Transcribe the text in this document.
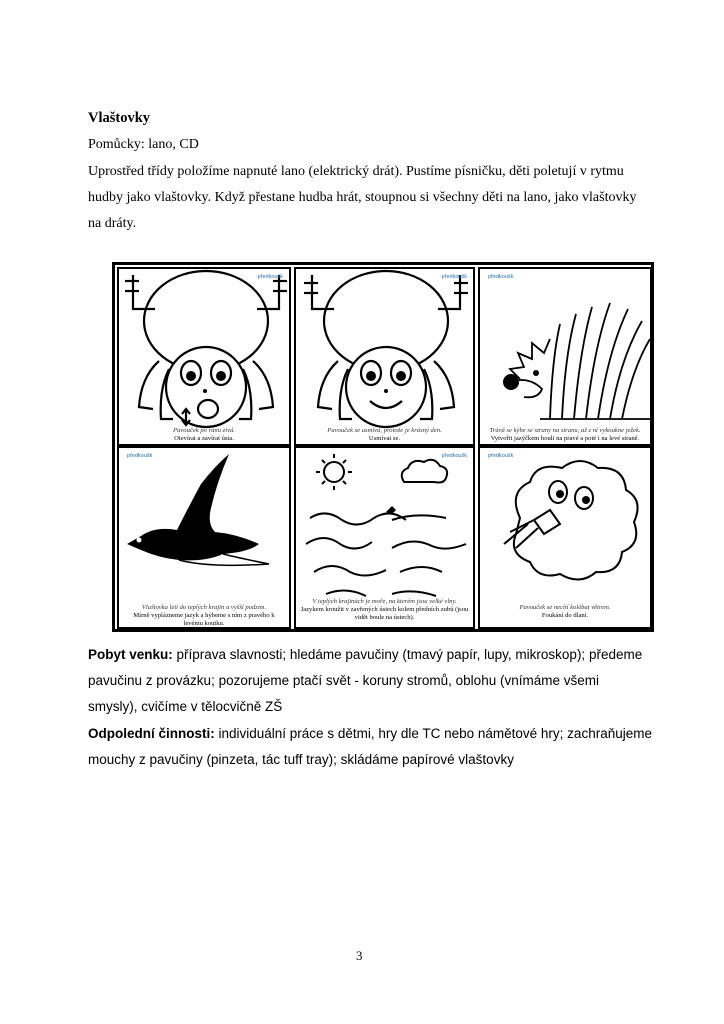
Vlaštovky
Pomůcky: lano, CD
Uprostřed třídy položíme napnuté lano (elektrický drát). Pustíme písničku, děti poletují v rytmu
hudby jako vlaštovky. Když přestane hudba hrát, stoupnou si všechny děti na lano, jako vlaštovky
na dráty.
Pavouček po ránu zívá.
Otevírat a zavírat ústa.
předkoušk
Pavouček se usmívá, protože je krásný den.
Usmívat se.
předkoušk
Trává se kýbe se strany na stranu, až z ní vykoukne ježek.
Vytvořit jazýčkem bouli na pravé a poté i na levé straně.
předkoušk
Vlaštovka letí do teplých krajin a vyšší podzim.
Mírně vyplázneme jazyk a hýbeme s ním z pravého k levému koutku.
předkoušk
V teplých krajinách je moře, na kterém jsou velké vlny.
Jazykem kroužit v zavřených ústech kolem předních zubů (jsou vidět boule na ústech).
předkoušk
Pavouček se necítí kolébat větrem.
Foukání do dlaní.
předkoušk
Pobyt venku: příprava slavnosti; hledáme pavučiny (tmavý papír, lupy, mikroskop); předeme
pavučinu z provázku; pozorujeme ptačí svět - koruny stromů, oblohu (vnímáme všemi
smysly), cvičíme v tělocvičně ZŠ
Odpolední činnosti: individuální práce s dětmi, hry dle TC nebo námětové hry; zachraňujeme
mouchy z pavučiny (pinzeta, tác tuff tray); skládáme papírové vlaštovky
3
